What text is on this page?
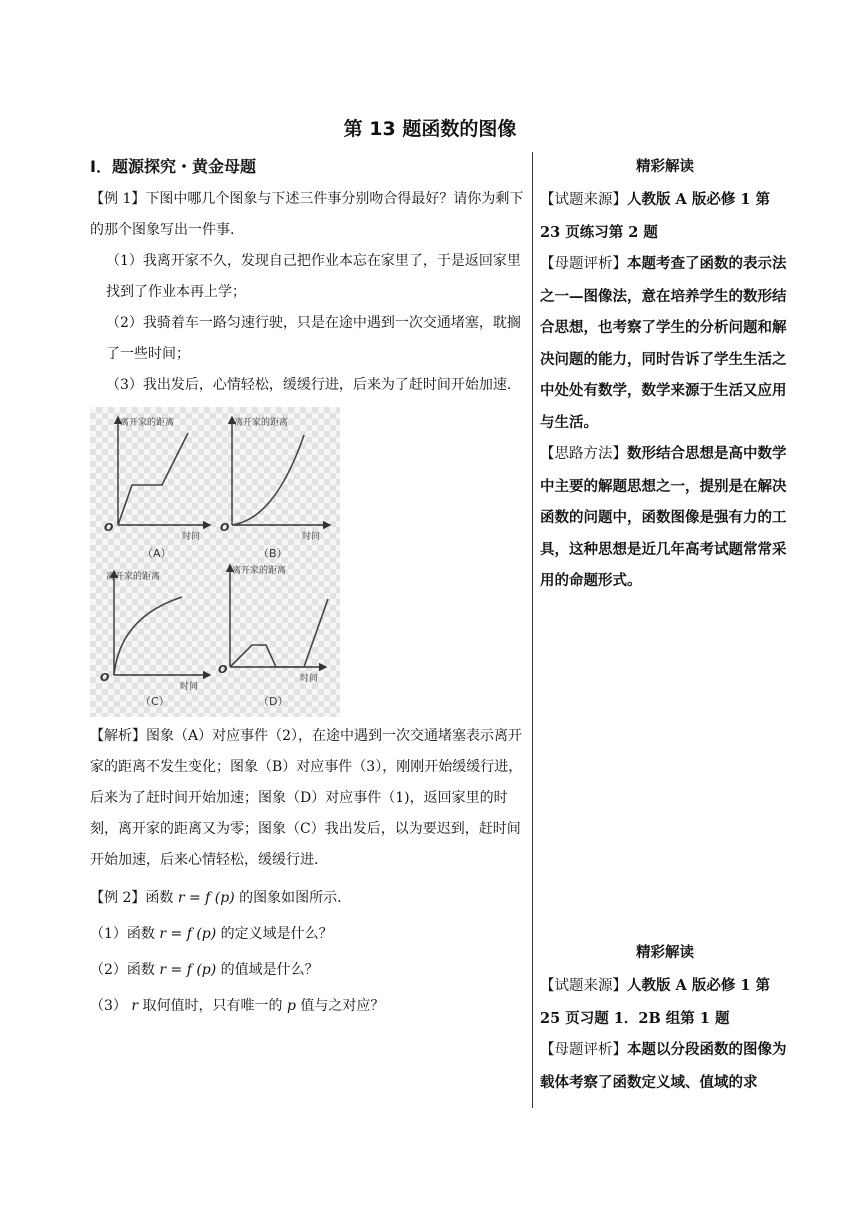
第 13 题函数的图像
I．题源探究・黄金母题

【例 1】下图中哪几个图象与下述三件事分别吻合得最好？请你为剩下的那个图象写出一件事.

（1）我离开家不久，发现自己把作业本忘在家里了，于是返回家里找到了作业本再上学；

（2）我骑着车一路匀速行驶，只是在途中遇到一次交通堵塞，耽搁了一些时间；

（3）我出发后，心情轻松，缓缓行进，后来为了赶时间开始加速.

离开家的距离
时间
O
（A）
离开家的距离
时间
O
（B）
离开家的距离
时间
O
（C）
离开家的距离
时间
O
（D）

【解析】图象（A）对应事件（2），在途中遇到一次交通堵塞表示离开家的距离不发生变化；图象（B）对应事件（3），刚刚开始缓缓行进，后来为了赶时间开始加速；图象（D）对应事件（1)，返回家里的时刻，离开家的距离又为零；图象（C）我出发后，以为要迟到，赶时间开始加速，后来心情轻松，缓缓行进.

【例 2】函数 r = f (p) 的图象如图所示.

（1）函数 r = f (p) 的定义域是什么？

（2）函数 r = f (p) 的值域是什么？

（3） r 取何值时，只有唯一的 p 值与之对应？

精彩解读

【试题来源】人教版 A 版必修 1 第 23 页练习第 2 题

【母题评析】本题考查了函数的表示法之一—图像法，意在培养学生的数形结合思想，也考察了学生的分析问题和解决问题的能力，同时告诉了学生生活之中处处有数学，数学来源于生活又应用与生活。

【思路方法】数形结合思想是高中数学中主要的解题思想之一，提别是在解决函数的问题中，函数图像是强有力的工具，这种思想是近几年高考试题常常采用的命题形式。

精彩解读

【试题来源】人教版 A 版必修 1 第 25 页习题 1．2B 组第 1 题

【母题评析】本题以分段函数的图像为载体考察了函数定义域、值域的求
